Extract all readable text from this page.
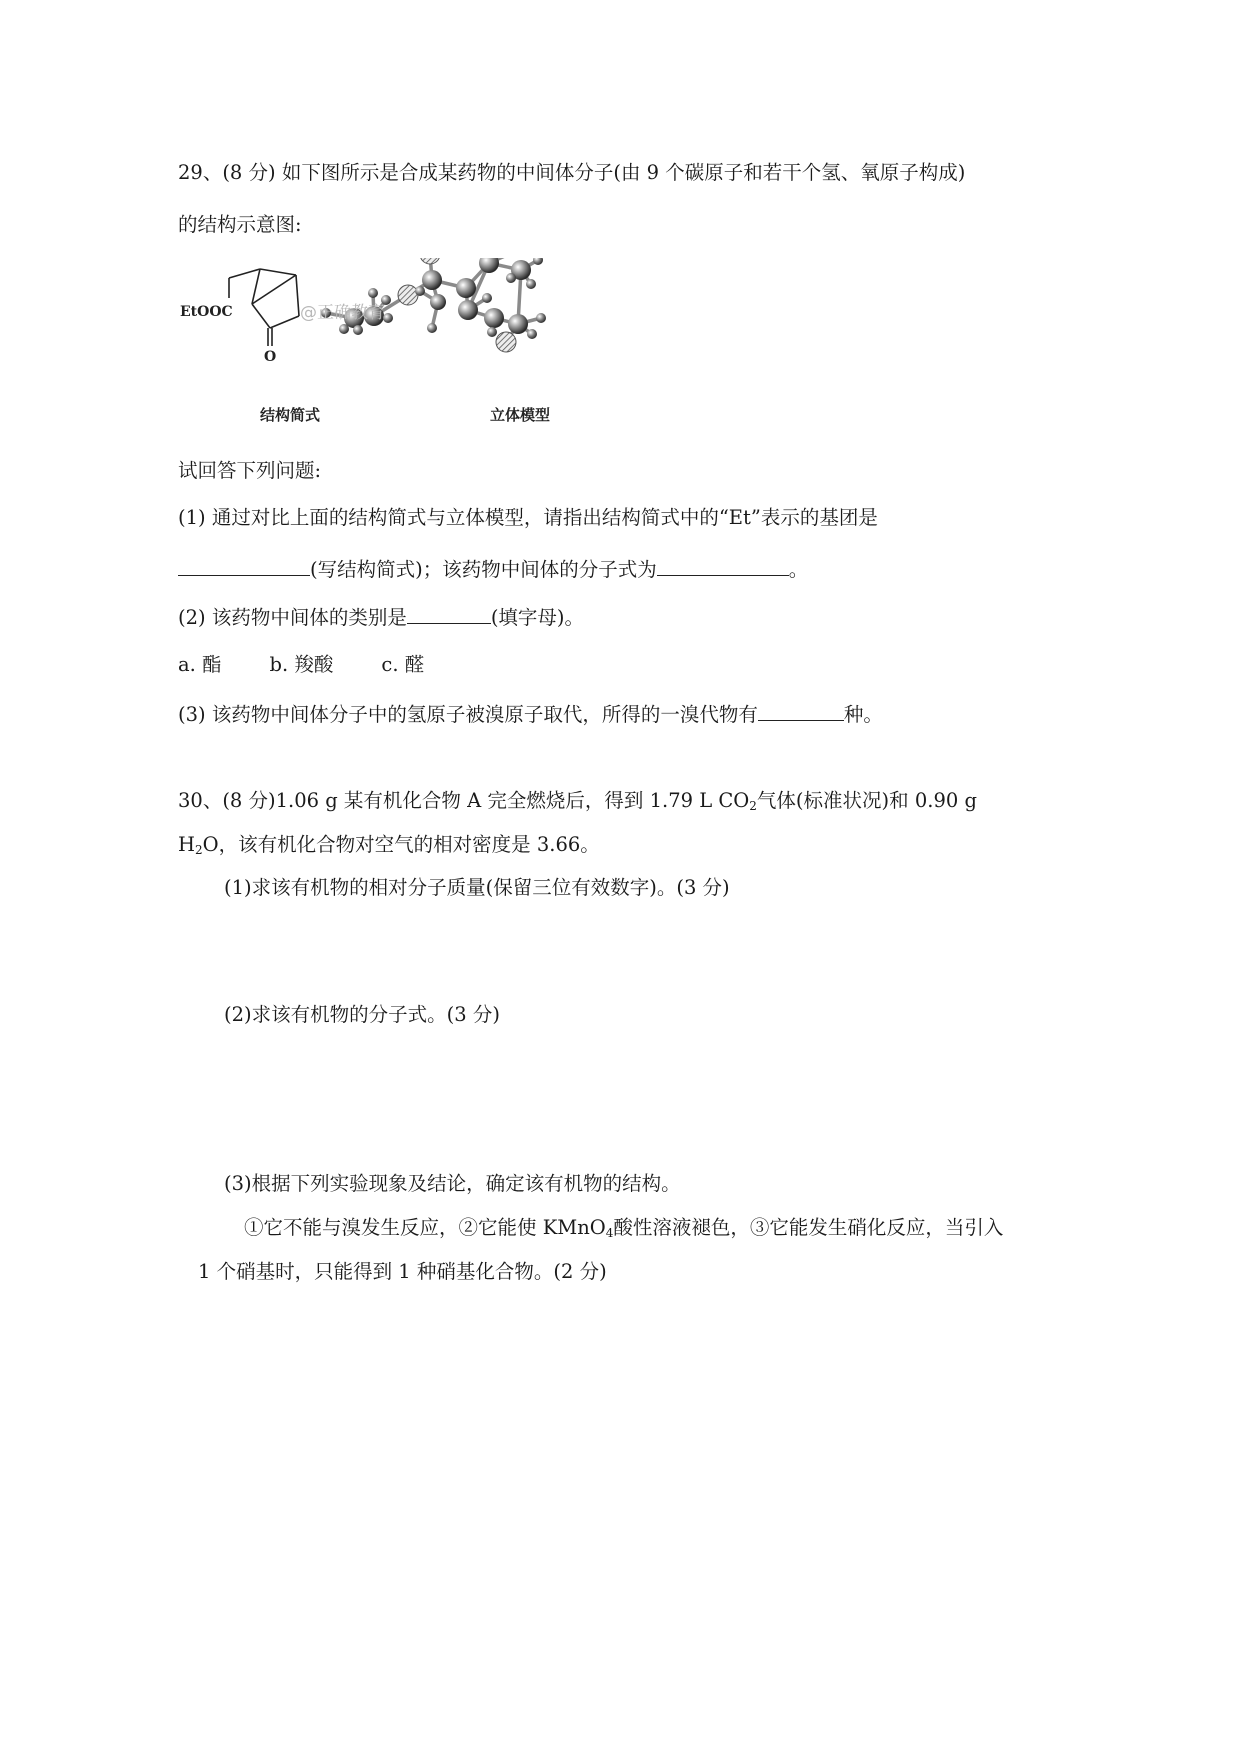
29、(8 分) 如下图所示是合成某药物的中间体分子(由 9 个碳原子和若干个氢、氧原子构成)
的结构示意图:
EtOOC
O
@正确教育
结构简式	立体模型
试回答下列问题:
(1) 通过对比上面的结构简式与立体模型，请指出结构简式中的“Et”表示的基团是
(写结构简式)；该药物中间体的分子式为	。
(2) 该药物中间体的类别是	(填字母)。
a. 酯 b. 羧酸 c. 醛
(3) 该药物中间体分子中的氢原子被溴原子取代，所得的一溴代物有	种。
30、(8 分)1.06 g 某有机化合物 A 完全燃烧后，得到 1.79 L $CO_2$气体(标准状况)和 0.90 g
$H_2O$，该有机化合物对空气的相对密度是 3.66。
(1)求该有机物的相对分子质量(保留三位有效数字)。(3 分)
(2)求该有机物的分子式。(3 分)
(3)根据下列实验现象及结论，确定该有机物的结构。
①它不能与溴发生反应，②它能使 KMnO$_4$酸性溶液褪色，③它能发生硝化反应，当引入
1 个硝基时，只能得到 1 种硝基化合物。(2 分)
